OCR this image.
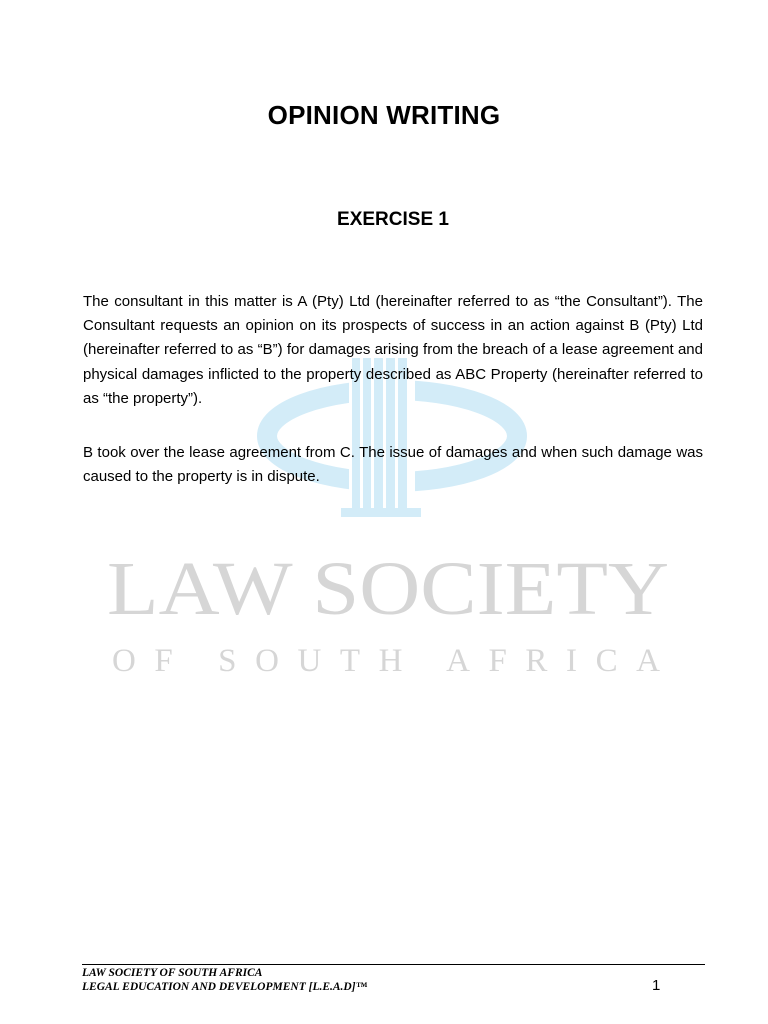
LAW SOCIETY
OF SOUTH AFRICA
OPINION WRITING
EXERCISE 1

The consultant in this matter is A (Pty) Ltd (hereinafter referred to as “the Consultant”). The Consultant requests an opinion on its prospects of success in an action against B (Pty) Ltd (hereinafter referred to as “B”) for damages arising from the breach of a lease agreement and physical damages inflicted to the property described as ABC Property (hereinafter referred to as “the property”).

B took over the lease agreement from C. The issue of damages and when such damage was caused to the property is in dispute.

LAW SOCIETY OF SOUTH AFRICA
LEGAL EDUCATION AND DEVELOPMENT [L.E.A.D]™	1
